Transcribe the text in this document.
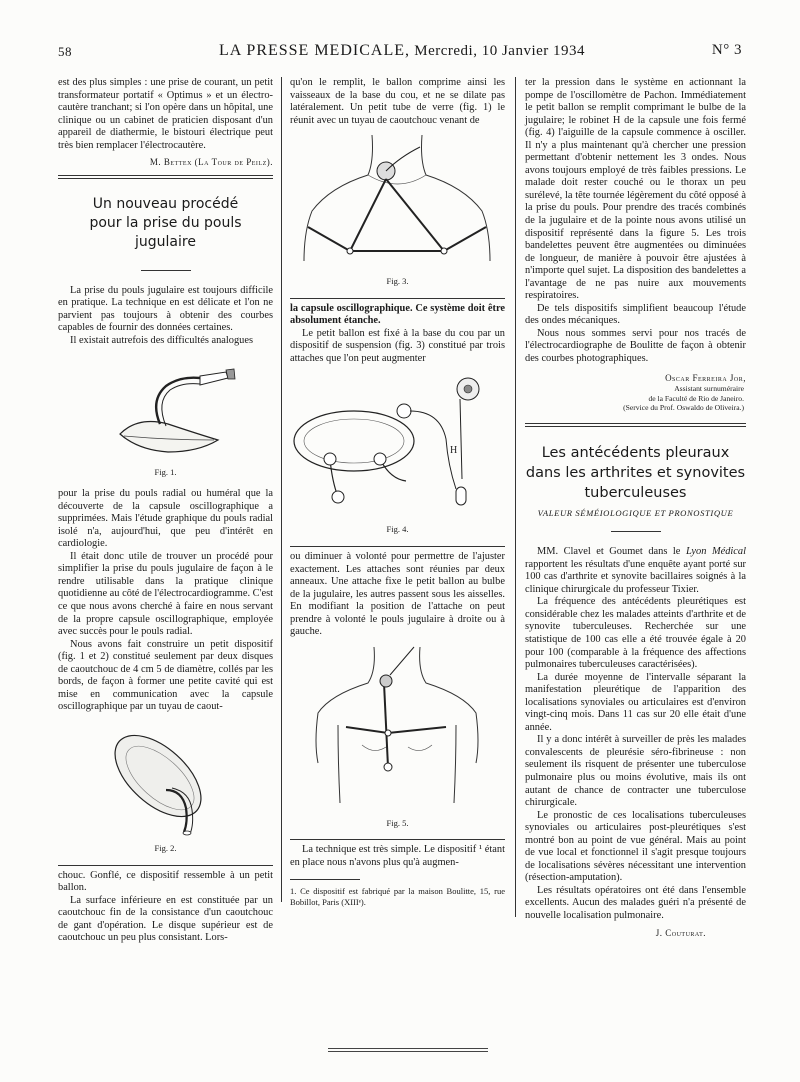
58	LA PRESSE MEDICALE, Mercredi, 10 Janvier 1934	N° 3

est des plus simples : une prise de courant, un petit transformateur portatif « Optimus » et un électro-cautère tranchant; si l'on opère dans un hôpital, une clinique ou un cabinet de praticien disposant d'un appareil de diathermie, le bistouri électrique peut très bien remplacer l'électrocautère.

M. Bettex (La Tour de Peilz).
Un nouveau procédé
pour la prise du pouls jugulaire

La prise du pouls jugulaire est toujours difficile en pratique. La technique en est délicate et l'on ne parvient pas toujours à obtenir des courbes capables de fournir des données certaines.

Il existait autrefois des difficultés analogues

Fig. 1.

pour la prise du pouls radial ou huméral que la découverte de la capsule oscillographique a supprimées. Mais l'étude graphique du pouls radial isolé n'a, aujourd'hui, que peu d'intérêt en cardiologie.

Il était donc utile de trouver un procédé pour simplifier la prise du pouls jugulaire de façon à le rendre utilisable dans la pratique clinique quotidienne au côté de l'électrocardiogramme. C'est ce que nous avons cherché à faire en nous servant de la propre capsule oscillographique, employée avec succès pour le pouls radial.

Nous avons fait construire un petit dispositif (fig. 1 et 2) constitué seulement par deux disques de caoutchouc de 4 cm 5 de diamètre, collés par les bords, de façon à former une petite cavité qui est mise en communication avec la capsule oscillographique par un tuyau de caout-

Fig. 2.

chouc. Gonflé, ce dispositif ressemble à un petit ballon.

La surface inférieure en est constituée par un caoutchouc fin de la consistance d'un caoutchouc de gant d'opération. Le disque supérieur est de caoutchouc un peu plus consistant. Lors-

qu'on le remplit, le ballon comprime ainsi les vaisseaux de la base du cou, et ne se dilate pas latéralement. Un petit tube de verre (fig. 1) le réunit avec un tuyau de caoutchouc venant de

Fig. 3.

la capsule oscillographique. Ce système doit être absolument étanche.

Le petit ballon est fixé à la base du cou par un dispositif de suspension (fig. 3) constitué par trois attaches que l'on peut augmenter

H
Fig. 4.

ou diminuer à volonté pour permettre de l'ajuster exactement. Les attaches sont réunies par deux anneaux. Une attache fixe le petit ballon au bulbe de la jugulaire, les autres passent sous les aisselles. En modifiant la position de l'attache on peut prendre à volonté le pouls jugulaire à droite ou à gauche.

Fig. 5.

La technique est très simple. Le dispositif ¹ étant en place nous n'avons plus qu'à augmen-

1. Ce dispositif est fabriqué par la maison Boulitte, 15, rue Bobillot, Paris (XIIIᵉ).

ter la pression dans le système en actionnant la pompe de l'oscillomètre de Pachon. Immédiatement le petit ballon se remplit comprimant le bulbe de la jugulaire; le robinet H de la capsule une fois fermé (fig. 4) l'aiguille de la capsule commence à osciller. Il n'y a plus maintenant qu'à chercher une pression permettant d'obtenir nettement les 3 ondes. Nous avons toujours employé de très faibles pressions. Le malade doit rester couché ou le thorax un peu surélevé, la tête tournée légèrement du côté opposé à la prise du pouls. Pour prendre des tracés combinés de la jugulaire et de la pointe nous avons utilisé un dispositif représenté dans la figure 5. Les trois bandelettes peuvent être augmentées ou diminuées de longueur, de manière à pouvoir être ajustées à n'importe quel sujet. La disposition des bandelettes a l'avantage de ne pas nuire aux mouvements respiratoires.

De tels dispositifs simplifient beaucoup l'étude des ondes mécaniques.

Nous nous sommes servi pour nos tracés de l'électrocardiographe de Boulitte de façon à obtenir des courbes photographiques.

Oscar Ferreira Jor,
Assistant surnuméraire
de la Faculté de Rio de Janeiro.
(Service du Prof. Oswaldo de Oliveira.)
Les antécédents pleuraux
dans les arthrites et synovites
tuberculeuses
VALEUR SÉMÉIOLOGIQUE ET PRONOSTIQUE

MM. Clavel et Goumet dans le Lyon Médical rapportent les résultats d'une enquête ayant porté sur 100 cas d'arthrite et synovite bacillaires soignés à la clinique chirurgicale du professeur Tixier.

La fréquence des antécédents pleurétiques est considérable chez les malades atteints d'arthrite et de synovite tuberculeuses. Recherchée sur une statistique de 100 cas elle a été trouvée égale à 20 pour 100 (comparable à la fréquence des affections pulmonaires tuberculeuses caractérisées).

La durée moyenne de l'intervalle séparant la manifestation pleurétique de l'apparition des localisations synoviales ou articulaires est d'environ vingt-cinq mois. Dans 11 cas sur 20 elle était d'une année.

Il y a donc intérêt à surveiller de près les malades convalescents de pleurésie séro-fibrineuse : non seulement ils risquent de présenter une tuberculose pulmonaire plus ou moins évolutive, mais ils ont autant de chance de contracter une tuberculose chirurgicale.

Le pronostic de ces localisations tuberculeuses synoviales ou articulaires post-pleurétiques s'est montré bon au point de vue général. Mais au point de vue local et fonctionnel il s'agit presque toujours de localisations sévères nécessitant une intervention (résection-amputation).

Les résultats opératoires ont été dans l'ensemble excellents. Aucun des malades guéri n'a présenté de nouvelle localisation pulmonaire.

J. Couturat.
